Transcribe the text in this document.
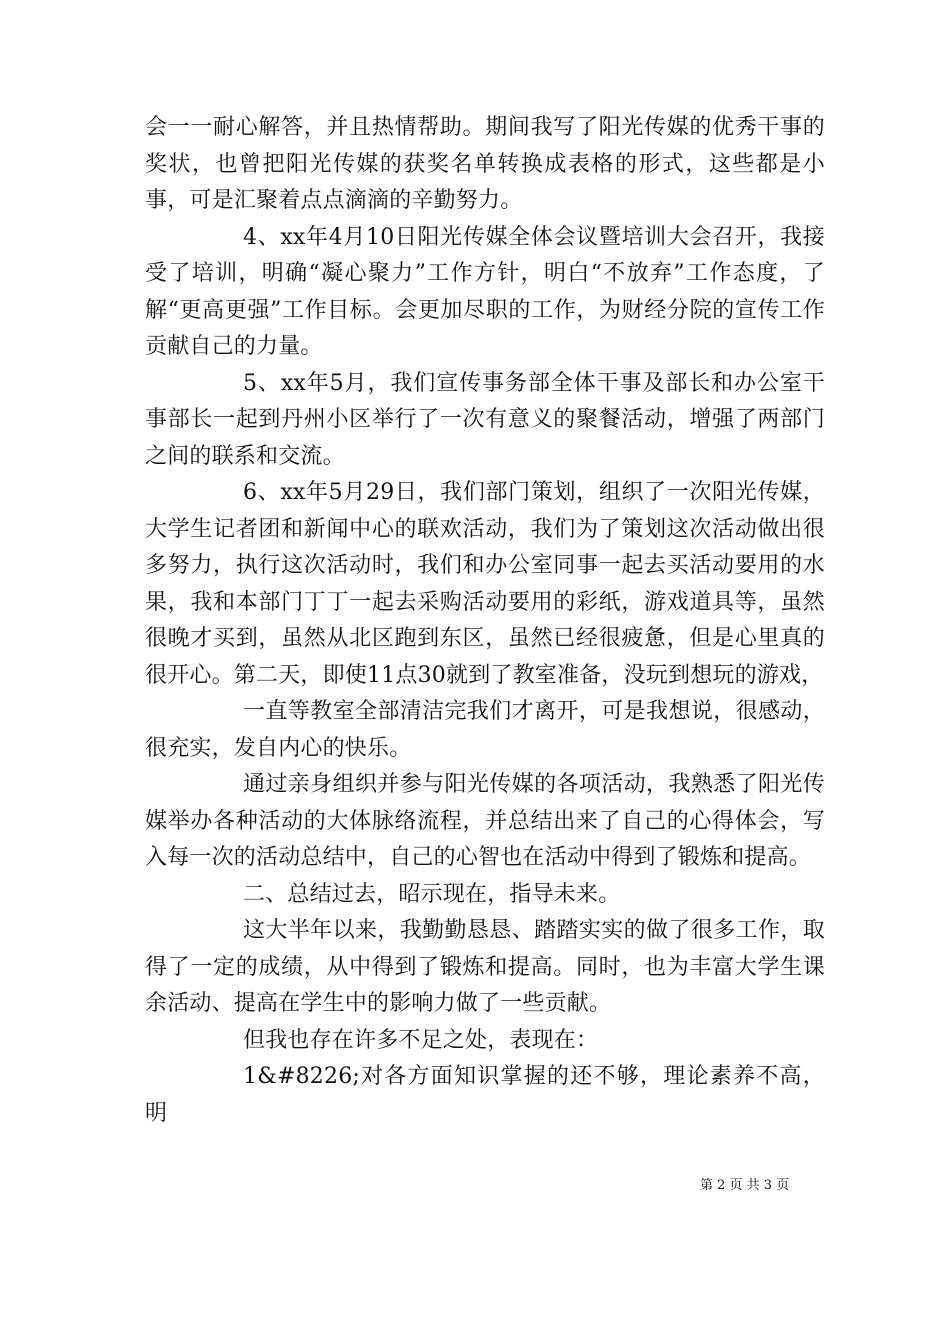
会一一耐心解答，并且热情帮助。期间我写了阳光传媒的优秀干事的奖状，也曾把阳光传媒的获奖名单转换成表格的形式，这些都是小事，可是汇聚着点点滴滴的辛勤努力。

4、xx年4月10日阳光传媒全体会议暨培训大会召开，我接受了培训，明确“凝心聚力”工作方针，明白“不放弃”工作态度，了解“更高更强”工作目标。会更加尽职的工作，为财经分院的宣传工作贡献自己的力量。

5、xx年5月，我们宣传事务部全体干事及部长和办公室干事部长一起到丹州小区举行了一次有意义的聚餐活动，增强了两部门之间的联系和交流。

6、xx年5月29日，我们部门策划，组织了一次阳光传媒，大学生记者团和新闻中心的联欢活动，我们为了策划这次活动做出很多努力，执行这次活动时，我们和办公室同事一起去买活动要用的水果，我和本部门丁丁一起去采购活动要用的彩纸，游戏道具等，虽然很晚才买到，虽然从北区跑到东区，虽然已经很疲惫，但是心里真的很开心。第二天，即使11点30就到了教室准备，没玩到想玩的游戏，

一直等教室全部清洁完我们才离开，可是我想说，很感动，很充实，发自内心的快乐。

通过亲身组织并参与阳光传媒的各项活动，我熟悉了阳光传媒举办各种活动的大体脉络流程，并总结出来了自己的心得体会，写入每一次的活动总结中，自己的心智也在活动中得到了锻炼和提高。

二、总结过去，昭示现在，指导未来。

这大半年以来，我勤勤恳恳、踏踏实实的做了很多工作，取得了一定的成绩，从中得到了锻炼和提高。同时，也为丰富大学生课余活动、提高在学生中的影响力做了一些贡献。

但我也存在许多不足之处，表现在：

1&#8226;对各方面知识掌握的还不够，理论素养不高，明

第 2 页 共 3 页
